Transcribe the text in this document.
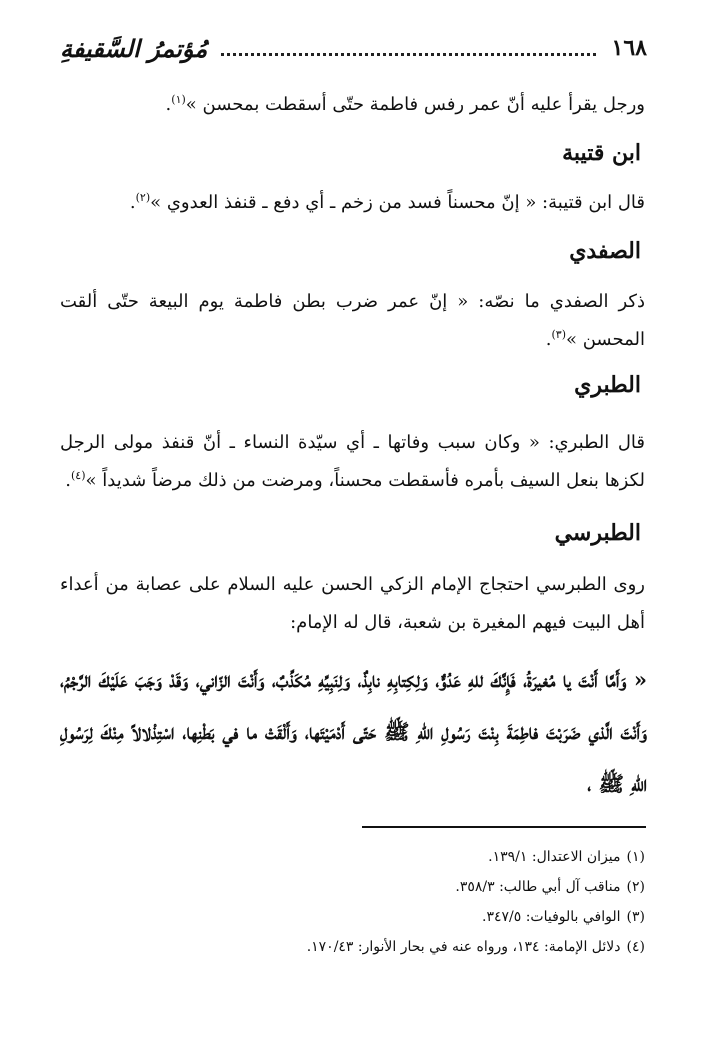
١٦٨
مُؤتمرُ السَّقيفةِ
ورجل يقرأ عليه أنّ عمر رفس فاطمة حتّى أسقطت بمحسن »$^{(١)}$.
ابن قتيبة
قال ابن قتيبة: « إنّ محسناً فسد من زخم ـ أي دفع ـ قنفذ العدوي »$^{(٢)}$.
الصفدي
ذكر الصفدي ما نصّه: « إنّ عمر ضرب بطن فاطمة يوم البيعة حتّى ألقت المحسن »$^{(٣)}$.
الطبري
قال الطبري: « وكان سبب وفاتها ـ أي سيّدة النساء ـ أنّ قنفذ مولى الرجل لكزها بنعل السيف بأمره فأسقطت محسناً، ومرضت من ذلك مرضاً شديداً »$^{(٤)}$.
الطبرسي
روى الطبرسي احتجاج الإمام الزكي الحسن عليه السلام على عصابة من أعداء أهل البيت فيهم المغيرة بن شعبة، قال له الإمام:
« وَأَمَّا أَنْتَ يا مُغيرَةُ، فَإِنَّكَ للهِ عَدُوٌّ، وَلِكِتابِهِ نابِذٌ، وَلِنَبِيِّهِ مُكَذِّبٌ، وَأَنْتَ الزّاني، وَقَدْ وَجَبَ عَلَيْكَ الرَّجْمُ، وَأَنْتَ الَّذي ضَرَبْتَ فاطِمَةَ بِنْتَ رَسُولِ اللهِ ﷺ حَتّى أَدْمَيْتَها، وَأَلْقَتْ ما في بَطْنِها، اسْتِذْلالاً مِنْكَ لِرَسُولِ اللهِ ﷺ ،
(١)ميزان الاعتدال: ١٣٩/١.
(٢)مناقب آل أبي طالب: ٣٥٨/٣.
(٣)الوافي بالوفيات: ٣٤٧/٥.
(٤)دلائل الإمامة: ١٣٤، ورواه عنه في بحار الأنوار: ١٧٠/٤٣.
